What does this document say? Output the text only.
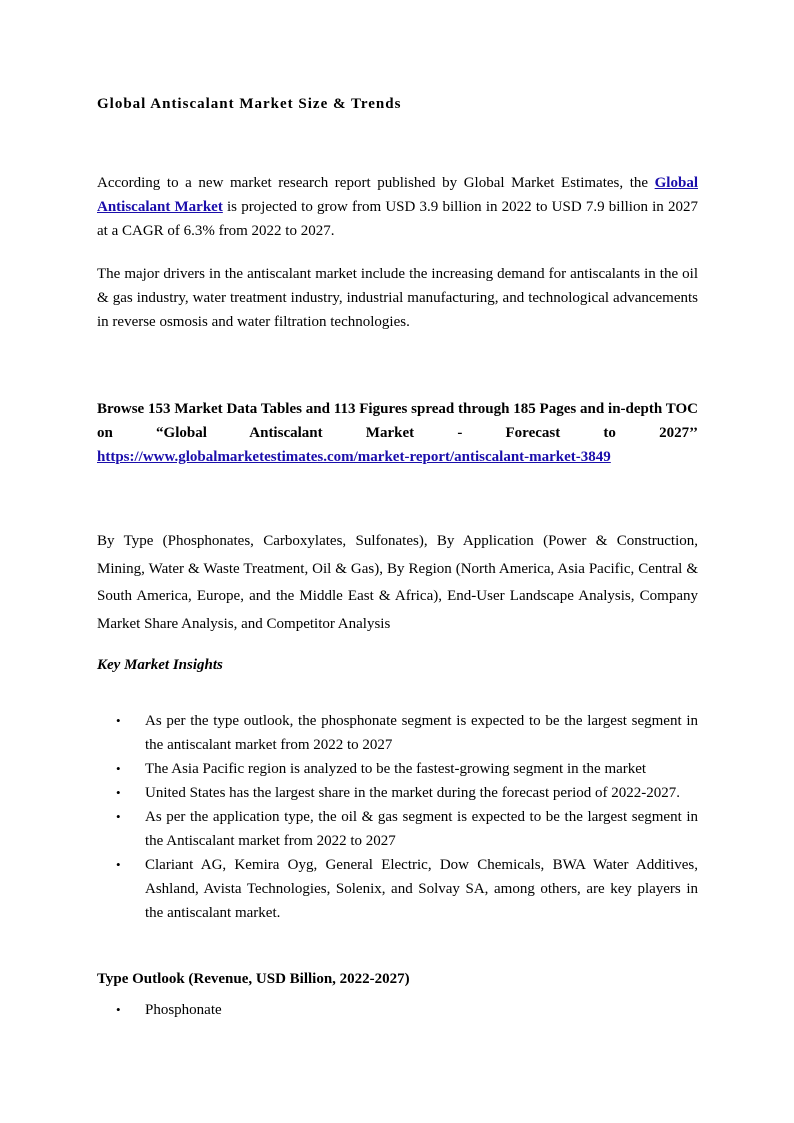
Global Antiscalant Market Size & Trends

According to a new market research report published by Global Market Estimates, the Global Antiscalant Market is projected to grow from USD 3.9 billion in 2022 to USD 7.9 billion in 2027 at a CAGR of 6.3% from 2022 to 2027.

The major drivers in the antiscalant market include the increasing demand for antiscalants in the oil & gas industry, water treatment industry, industrial manufacturing, and technological advancements in reverse osmosis and water filtration technologies.

Browse 153 Market Data Tables and 113 Figures spread through 185 Pages and in-depth TOC on “Global Antiscalant Market - Forecast to 2027’’
https://www.globalmarketestimates.com/market-report/antiscalant-market-3849

By Type (Phosphonates, Carboxylates, Sulfonates), By Application (Power & Construction, Mining, Water & Waste Treatment, Oil & Gas), By Region (North America, Asia Pacific, Central & South America, Europe, and the Middle East & Africa), End-User Landscape Analysis, Company Market Share Analysis, and Competitor Analysis

Key Market Insights
• As per the type outlook, the phosphonate segment is expected to be the largest segment in the antiscalant market from 2022 to 2027
• The Asia Pacific region is analyzed to be the fastest-growing segment in the market
• United States has the largest share in the market during the forecast period of 2022-2027.
• As per the application type, the oil & gas segment is expected to be the largest segment in the Antiscalant market from 2022 to 2027
• Clariant AG, Kemira Oyg, General Electric, Dow Chemicals, BWA Water Additives, Ashland, Avista Technologies, Solenix, and Solvay SA, among others, are key players in the antiscalant market.
Type Outlook (Revenue, USD Billion, 2022-2027)
• Phosphonate
